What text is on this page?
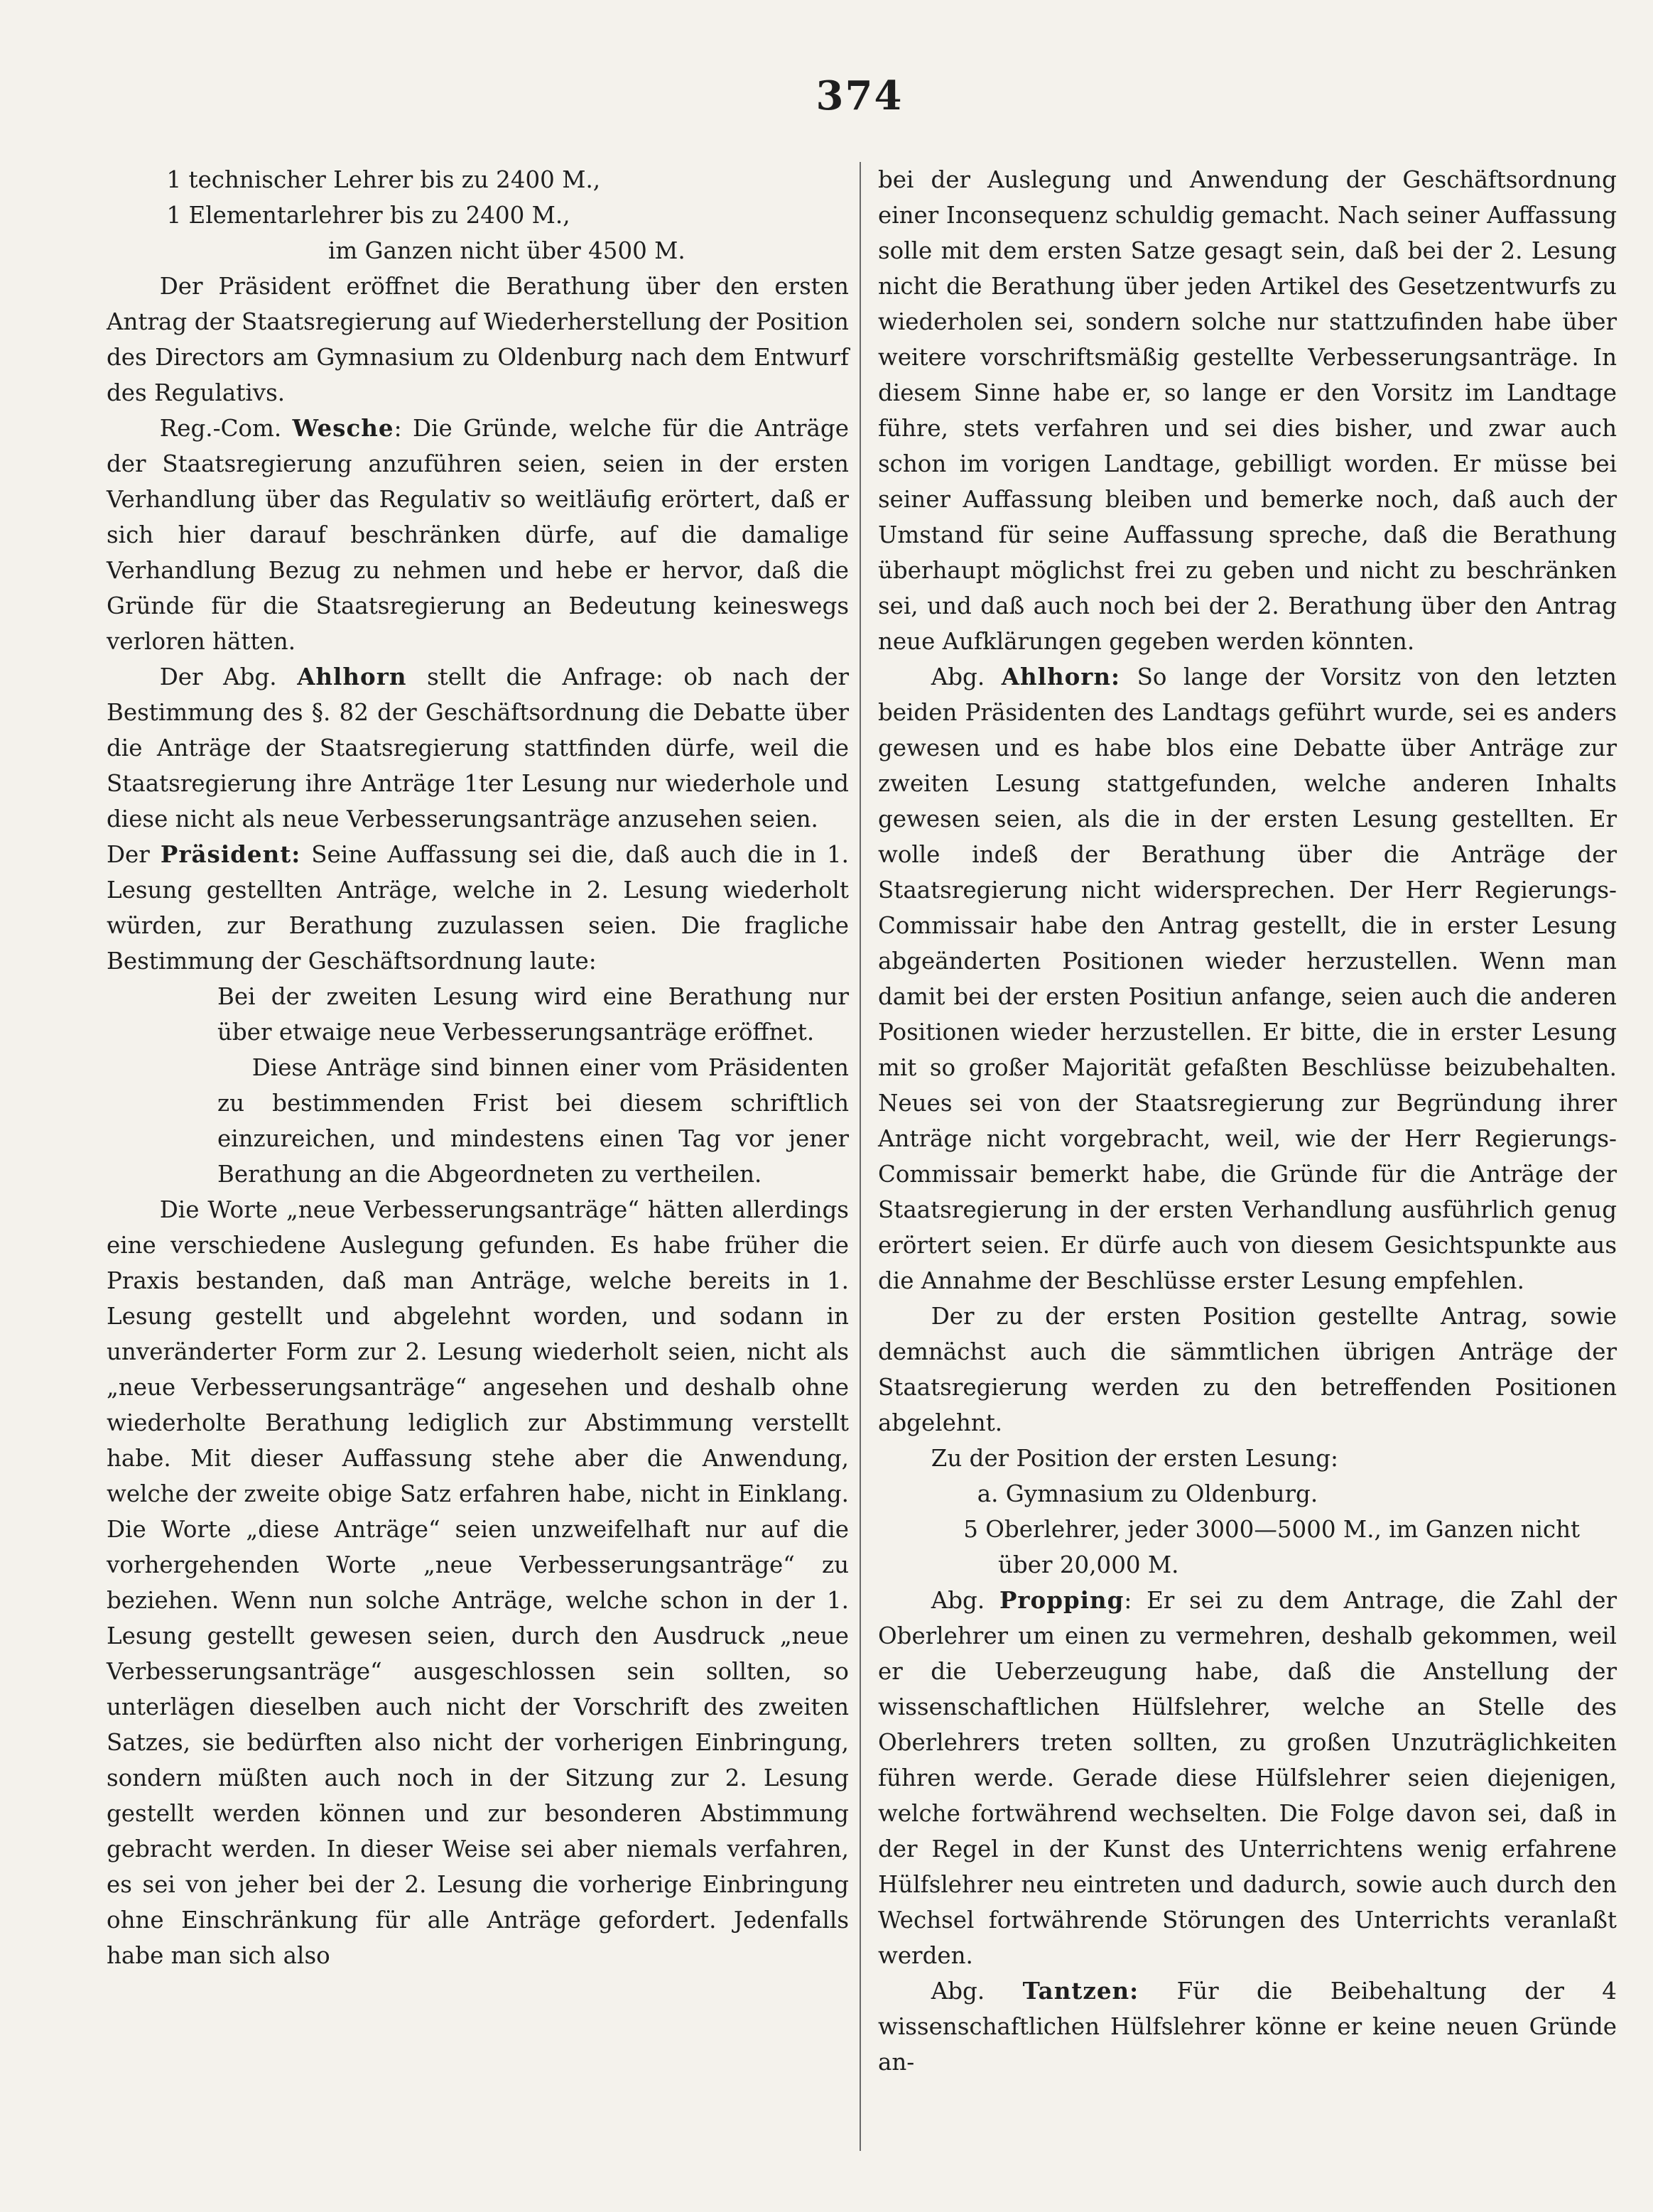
374

1 technischer Lehrer bis zu 2400 M.,

1 Elementarlehrer bis zu 2400 M.,

im Ganzen nicht über 4500 M.

Der Präsident eröffnet die Berathung über den ersten Antrag der Staatsregierung auf Wiederherstellung der Position des Directors am Gymnasium zu Oldenburg nach dem Entwurf des Regulativs.

Reg.-Com. Wesche: Die Gründe, welche für die Anträge der Staatsregierung anzuführen seien, seien in der ersten Verhandlung über das Regulativ so weitläufig erörtert, daß er sich hier darauf beschränken dürfe, auf die damalige Verhandlung Bezug zu nehmen und hebe er hervor, daß die Gründe für die Staatsregierung an Bedeutung keineswegs verloren hätten.

Der Abg. Ahlhorn stellt die Anfrage: ob nach der Bestimmung des §. 82 der Geschäftsordnung die Debatte über die Anträge der Staatsregierung stattfinden dürfe, weil die Staatsregierung ihre Anträge 1ter Lesung nur wiederhole und diese nicht als neue Verbesserungsanträge anzusehen seien.

Der Präsident: Seine Auffassung sei die, daß auch die in 1. Lesung gestellten Anträge, welche in 2. Lesung wiederholt würden, zur Berathung zuzulassen seien. Die fragliche Bestimmung der Geschäftsordnung laute:

Bei der zweiten Lesung wird eine Berathung nur über etwaige neue Verbesserungsanträge eröffnet.

Diese Anträge sind binnen einer vom Präsidenten zu bestimmenden Frist bei diesem schriftlich einzureichen, und mindestens einen Tag vor jener Berathung an die Abgeordneten zu vertheilen.

Die Worte „neue Verbesserungsanträge“ hätten allerdings eine verschiedene Auslegung gefunden. Es habe früher die Praxis bestanden, daß man Anträge, welche bereits in 1. Lesung gestellt und abgelehnt worden, und sodann in unveränderter Form zur 2. Lesung wiederholt seien, nicht als „neue Verbesserungsanträge“ angesehen und deshalb ohne wiederholte Berathung lediglich zur Abstimmung verstellt habe. Mit dieser Auffassung stehe aber die Anwendung, welche der zweite obige Satz erfahren habe, nicht in Einklang. Die Worte „diese Anträge“ seien unzweifelhaft nur auf die vorhergehenden Worte „neue Verbesserungsanträge“ zu beziehen. Wenn nun solche Anträge, welche schon in der 1. Lesung gestellt gewesen seien, durch den Ausdruck „neue Verbesserungsanträge“ ausgeschlossen sein sollten, so unterlägen dieselben auch nicht der Vorschrift des zweiten Satzes, sie bedürften also nicht der vorherigen Einbringung, sondern müßten auch noch in der Sitzung zur 2. Lesung gestellt werden können und zur besonderen Abstimmung gebracht werden. In dieser Weise sei aber niemals verfahren, es sei von jeher bei der 2. Lesung die vorherige Einbringung ohne Einschränkung für alle Anträge gefordert. Jedenfalls habe man sich also

bei der Auslegung und Anwendung der Geschäftsordnung einer Inconsequenz schuldig gemacht. Nach seiner Auffassung solle mit dem ersten Satze gesagt sein, daß bei der 2. Lesung nicht die Berathung über jeden Artikel des Gesetzentwurfs zu wiederholen sei, sondern solche nur stattzufinden habe über weitere vorschriftsmäßig gestellte Verbesserungsanträge. In diesem Sinne habe er, so lange er den Vorsitz im Landtage führe, stets verfahren und sei dies bisher, und zwar auch schon im vorigen Landtage, gebilligt worden. Er müsse bei seiner Auffassung bleiben und bemerke noch, daß auch der Umstand für seine Auffassung spreche, daß die Berathung überhaupt möglichst frei zu geben und nicht zu beschränken sei, und daß auch noch bei der 2. Berathung über den Antrag neue Aufklärungen gegeben werden könnten.

Abg. Ahlhorn: So lange der Vorsitz von den letzten beiden Präsidenten des Landtags geführt wurde, sei es anders gewesen und es habe blos eine Debatte über Anträge zur zweiten Lesung stattgefunden, welche anderen Inhalts gewesen seien, als die in der ersten Lesung gestellten. Er wolle indeß der Berathung über die Anträge der Staatsregierung nicht widersprechen. Der Herr Regierungs-Commissair habe den Antrag gestellt, die in erster Lesung abgeänderten Positionen wieder herzustellen. Wenn man damit bei der ersten Positiun anfange, seien auch die anderen Positionen wieder herzustellen. Er bitte, die in erster Lesung mit so großer Majorität gefaßten Beschlüsse beizubehalten. Neues sei von der Staatsregierung zur Begründung ihrer Anträge nicht vorgebracht, weil, wie der Herr Regierungs-Commissair bemerkt habe, die Gründe für die Anträge der Staatsregierung in der ersten Verhandlung ausführlich genug erörtert seien. Er dürfe auch von diesem Gesichtspunkte aus die Annahme der Beschlüsse erster Lesung empfehlen.

Der zu der ersten Position gestellte Antrag, sowie demnächst auch die sämmtlichen übrigen Anträge der Staatsregierung werden zu den betreffenden Positionen abgelehnt.

Zu der Position der ersten Lesung:

a. Gymnasium zu Oldenburg.

5 Oberlehrer, jeder 3000—5000 M., im Ganzen nicht über 20,000 M.

Abg. Propping: Er sei zu dem Antrage, die Zahl der Oberlehrer um einen zu vermehren, deshalb gekommen, weil er die Ueberzeugung habe, daß die Anstellung der wissenschaftlichen Hülfslehrer, welche an Stelle des Oberlehrers treten sollten, zu großen Unzuträglichkeiten führen werde. Gerade diese Hülfslehrer seien diejenigen, welche fortwährend wechselten. Die Folge davon sei, daß in der Regel in der Kunst des Unterrichtens wenig erfahrene Hülfslehrer neu eintreten und dadurch, sowie auch durch den Wechsel fortwährende Störungen des Unterrichts veranlaßt werden.

Abg. Tantzen: Für die Beibehaltung der 4 wissenschaftlichen Hülfslehrer könne er keine neuen Gründe an-
